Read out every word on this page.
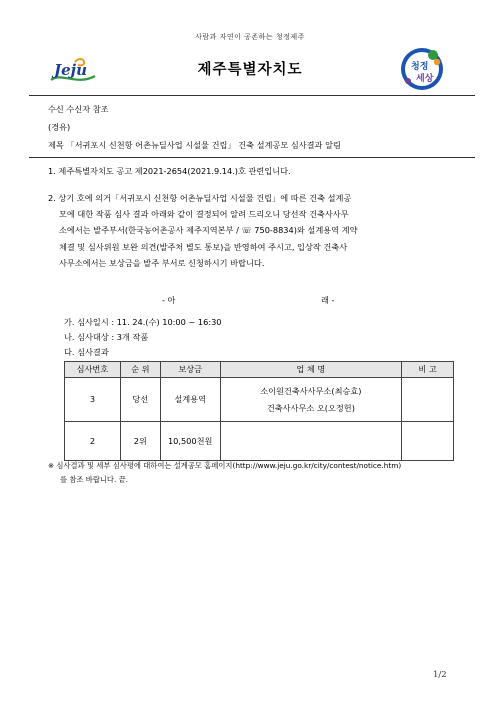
사람과 자연이 공존하는 청정제주
Jeju	제주특별자치도	청정
세상
수신 수신자 참조
(경유)
제목 「서귀포시 신천항 어촌뉴딜사업 시설물 건립」 건축 설계공모 심사결과 알림
1. 제주특별자치도 공고 제2021-2654(2021.9.14.)호 관련입니다.
2. 상기 호에 의거「서귀포시 신천항 어촌뉴딜사업 시설물 건립」에 따른 건축 설계공
모에 대한 작품 심사 결과 아래와 같이 결정되어 알려 드리오니 당선작 건축사사무
소에서는 발주부서(한국농어촌공사 제주지역본부 / ☏ 750-8834)와 설계용역 계약
체결 및 심사위원 보완 의견(발주처 별도 통보)을 반영하여 주시고, 입상작 건축사
사무소에서는 보상금을 발주 부서로 신청하시기 바랍니다.
- 아	래 -
가. 심사일시 : 11. 24.(수) 10:00 ~ 16:30
나. 심사대상 : 3개 작품
다. 심사결과
심사번호	순 위	보상금	업 체 명	비 고
3	당선	설계용역	소이원건축사사무소(최승효)
건축사사무소 오(오정헌)	

2	2위	10,500천원		
※ 심사결과 및 세부 심사평에 대하여는 설계공모 홈페이지(http://www.jeju.go.kr/city/contest/notice.htm)
를 참조 바랍니다. 끝.
1/2
